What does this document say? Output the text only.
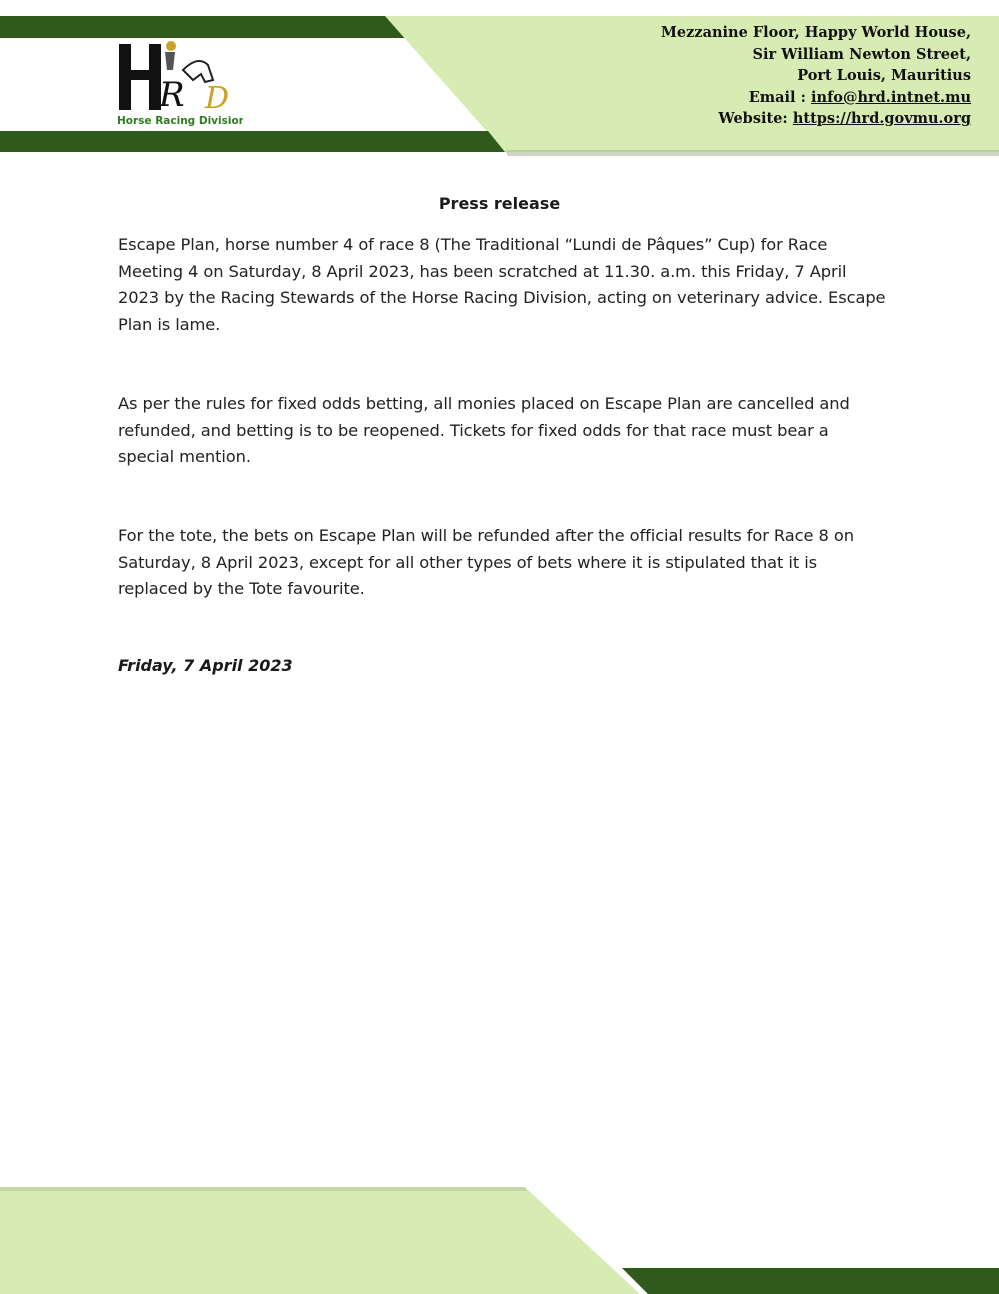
R D
Horse Racing Division
Mezzanine Floor, Happy World House,
Sir William Newton Street,
Port Louis, Mauritius
Email : info@hrd.intnet.mu
Website: https://hrd.govmu.org
Press release
Escape Plan, horse number 4 of race 8 (The Traditional “Lundi de Pâques” Cup) for Race Meeting 4 on Saturday, 8 April 2023, has been scratched at 11.30. a.m. this Friday, 7 April 2023 by the Racing Stewards of the Horse Racing Division, acting on veterinary advice. Escape Plan is lame.
As per the rules for fixed odds betting, all monies placed on Escape Plan are cancelled and refunded, and betting is to be reopened. Tickets for fixed odds for that race must bear a special mention.
For the tote, the bets on Escape Plan will be refunded after the official results for Race 8 on Saturday, 8 April 2023, except for all other types of bets where it is stipulated that it is replaced by the Tote favourite.
Friday, 7 April 2023
